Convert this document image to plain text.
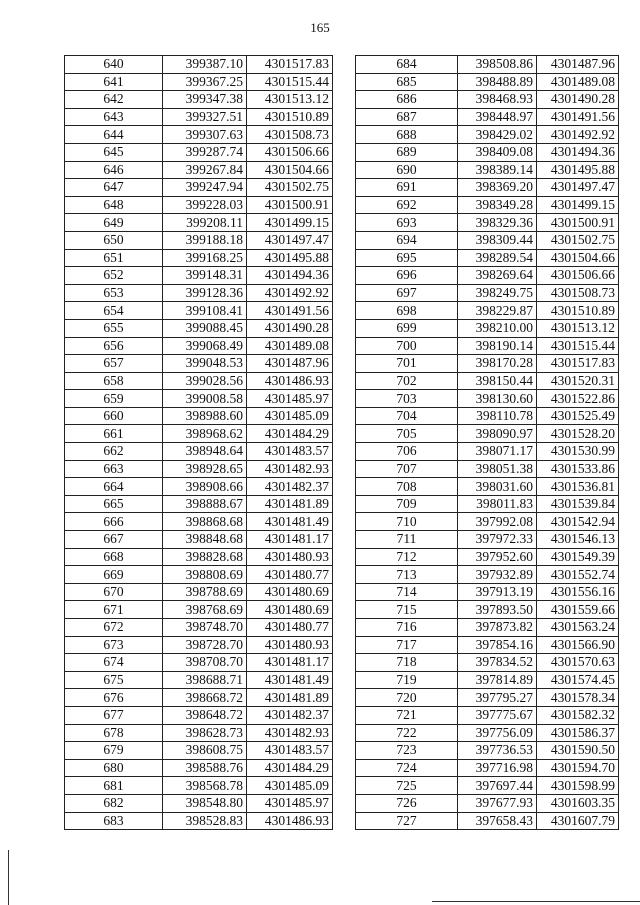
165
640	399387.10	4301517.83
641	399367.25	4301515.44
642	399347.38	4301513.12
643	399327.51	4301510.89
644	399307.63	4301508.73
645	399287.74	4301506.66
646	399267.84	4301504.66
647	399247.94	4301502.75
648	399228.03	4301500.91
649	399208.11	4301499.15
650	399188.18	4301497.47
651	399168.25	4301495.88
652	399148.31	4301494.36
653	399128.36	4301492.92
654	399108.41	4301491.56
655	399088.45	4301490.28
656	399068.49	4301489.08
657	399048.53	4301487.96
658	399028.56	4301486.93
659	399008.58	4301485.97
660	398988.60	4301485.09
661	398968.62	4301484.29
662	398948.64	4301483.57
663	398928.65	4301482.93
664	398908.66	4301482.37
665	398888.67	4301481.89
666	398868.68	4301481.49
667	398848.68	4301481.17
668	398828.68	4301480.93
669	398808.69	4301480.77
670	398788.69	4301480.69
671	398768.69	4301480.69
672	398748.70	4301480.77
673	398728.70	4301480.93
674	398708.70	4301481.17
675	398688.71	4301481.49
676	398668.72	4301481.89
677	398648.72	4301482.37
678	398628.73	4301482.93
679	398608.75	4301483.57
680	398588.76	4301484.29
681	398568.78	4301485.09
682	398548.80	4301485.97
683	398528.83	4301486.93
684	398508.86	4301487.96
685	398488.89	4301489.08
686	398468.93	4301490.28
687	398448.97	4301491.56
688	398429.02	4301492.92
689	398409.08	4301494.36
690	398389.14	4301495.88
691	398369.20	4301497.47
692	398349.28	4301499.15
693	398329.36	4301500.91
694	398309.44	4301502.75
695	398289.54	4301504.66
696	398269.64	4301506.66
697	398249.75	4301508.73
698	398229.87	4301510.89
699	398210.00	4301513.12
700	398190.14	4301515.44
701	398170.28	4301517.83
702	398150.44	4301520.31
703	398130.60	4301522.86
704	398110.78	4301525.49
705	398090.97	4301528.20
706	398071.17	4301530.99
707	398051.38	4301533.86
708	398031.60	4301536.81
709	398011.83	4301539.84
710	397992.08	4301542.94
711	397972.33	4301546.13
712	397952.60	4301549.39
713	397932.89	4301552.74
714	397913.19	4301556.16
715	397893.50	4301559.66
716	397873.82	4301563.24
717	397854.16	4301566.90
718	397834.52	4301570.63
719	397814.89	4301574.45
720	397795.27	4301578.34
721	397775.67	4301582.32
722	397756.09	4301586.37
723	397736.53	4301590.50
724	397716.98	4301594.70
725	397697.44	4301598.99
726	397677.93	4301603.35
727	397658.43	4301607.79
